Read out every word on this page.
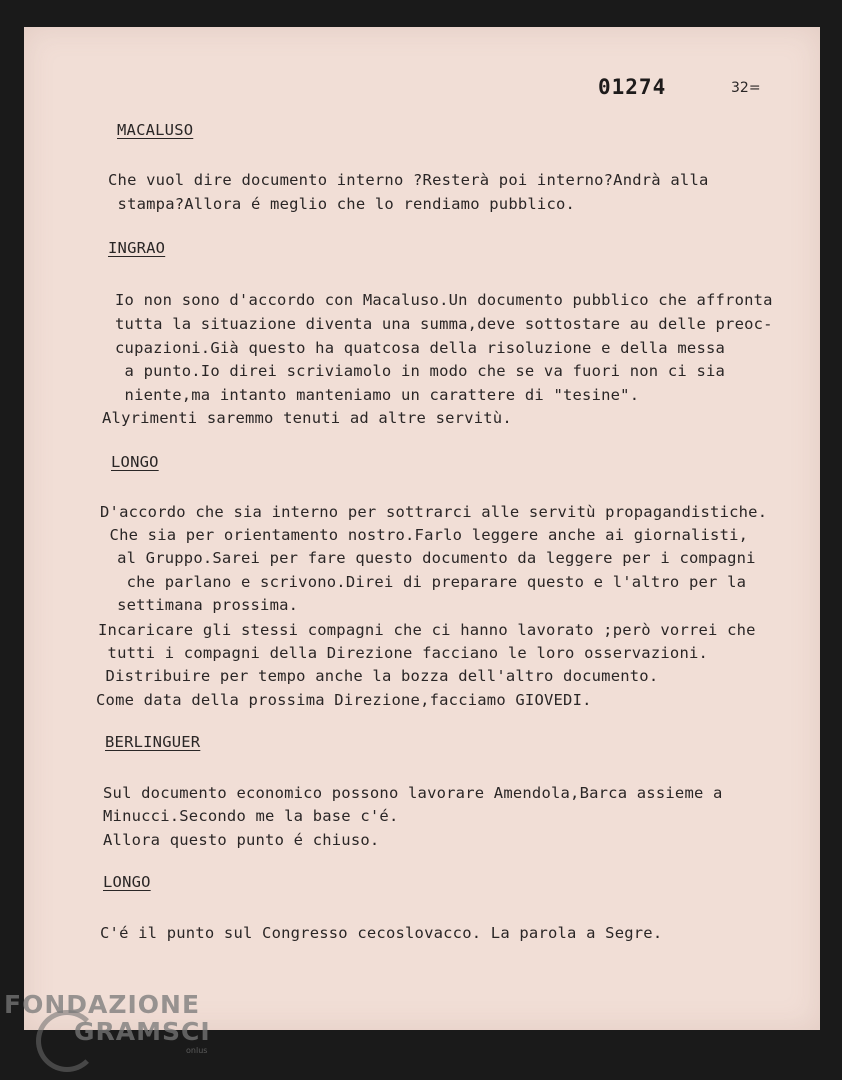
01274	32=
MACALUSO
Che vuol dire documento interno ?Resterà poi interno?Andrà alla
stampa?Allora é meglio che lo rendiamo pubblico.
INGRAO
Io non sono d'accordo con Macaluso.Un documento pubblico che affronta
tutta la situazione diventa una summa,deve sottostare au delle preoc-
cupazioni.Già questo ha quatcosa della risoluzione e della messa
a punto.Io direi scriviamolo in modo che se va fuori non ci sia
niente,ma intanto manteniamo un carattere di "tesine".
Alyrimenti saremmo tenuti ad altre servitù.
LONGO
D'accordo che sia interno per sottrarci alle servitù propagandistiche.
Che sia per orientamento nostro.Farlo leggere anche ai giornalisti,
al Gruppo.Sarei per fare questo documento da leggere per i compagni
che parlano e scrivono.Direi di preparare questo e l'altro per la
settimana prossima.
Incaricare gli stessi compagni che ci hanno lavorato ;però vorrei che
tutti i compagni della Direzione facciano le loro osservazioni.
Distribuire per tempo anche la bozza dell'altro documento.
Come data della prossima Direzione,facciamo GIOVEDI.
BERLINGUER
Sul documento economico possono lavorare Amendola,Barca assieme a
Minucci.Secondo me la base c'é.
Allora questo punto é chiuso.
LONGO
C'é il punto sul Congresso cecoslovacco. La parola a Segre.
FONDAZIONE
GRAMSCI
onlus
